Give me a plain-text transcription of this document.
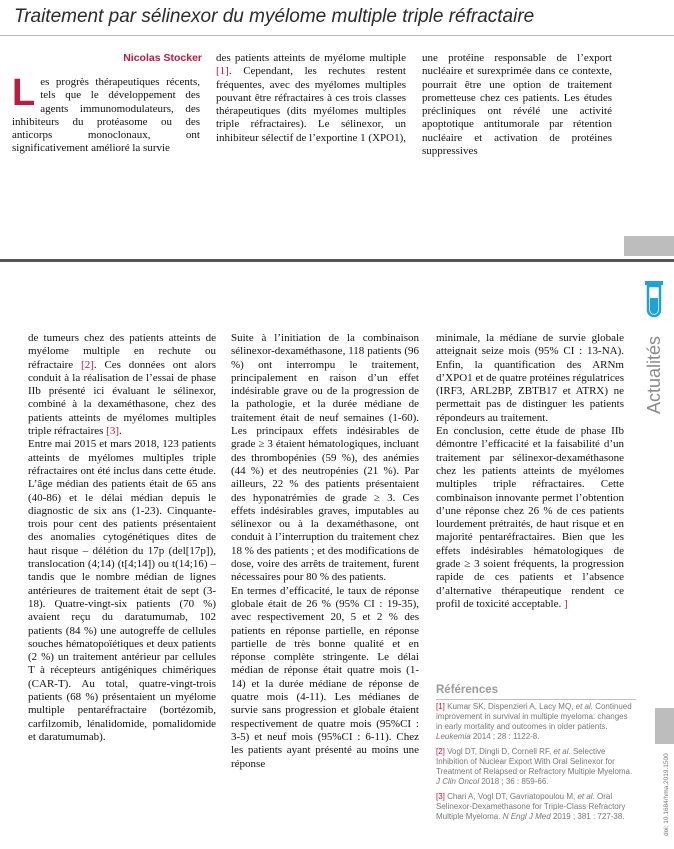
Traitement par sélinexor du myélome multiple triple réfractaire

Nicolas Stocker

Les progrès thérapeutiques récents, tels que le développement des agents immunomodulateurs, des inhibiteurs du protéasome ou des anticorps monoclonaux, ont significativement amélioré la survie

des patients atteints de myélome multiple [1]. Cependant, les rechutes restent fréquentes, avec des myélomes multiples pouvant être réfractaires à ces trois classes thérapeutiques (dits myélomes multiples triple réfractaires). Le sélinexor, un inhibiteur sélectif de l’exportine 1 (XPO1),

une protéine responsable de l’export nucléaire et surexprimée dans ce contexte, pourrait être une option de traitement prometteuse chez ces patients. Les études précliniques ont révélé une activité apoptotique antitumorale par rétention nucléaire et activation de protéines suppressives

de tumeurs chez des patients atteints de myélome multiple en rechute ou réfractaire [2]. Ces données ont alors conduit à la réalisation de l’essai de phase IIb présenté ici évaluant le sélinexor, combiné à la dexaméthasone, chez des patients atteints de myélomes multiples triple réfractaires [3].

Entre mai 2015 et mars 2018, 123 patients atteints de myélomes multiples triple réfractaires ont été inclus dans cette étude. L’âge médian des patients était de 65 ans (40-86) et le délai médian depuis le diagnostic de six ans (1-23). Cinquante-trois pour cent des patients présentaient des anomalies cytogénétiques dites de haut risque – délétion du 17p (del[17p]), translocation (4;14) (t[4;14]) ou t(14;16) – tandis que le nombre médian de lignes antérieures de traitement était de sept (3-18). Quatre-vingt-six patients (70 %) avaient reçu du daratumumab, 102 patients (84 %) une autogreffe de cellules souches hématopoïétiques et deux patients (2 %) un traitement antérieur par cellules T à récepteurs antigéniques chimériques (CAR-T). Au total, quatre-vingt-trois patients (68 %) présentaient un myélome multiple pentaréfractaire (bortézomib, carfilzomib, lénalidomide, pomalidomide et daratumumab).

Suite à l’initiation de la combinaison sélinexor-dexaméthasone, 118 patients (96 %) ont interrompu le traitement, principalement en raison d’un effet indésirable grave ou de la progression de la pathologie, et la durée médiane de traitement était de neuf semaines (1-60). Les principaux effets indésirables de grade ≥ 3 étaient hématologiques, incluant des thrombopénies (59 %), des anémies (44 %) et des neutropénies (21 %). Par ailleurs, 22 % des patients présentaient des hyponatrémies de grade ≥ 3. Ces effets indésirables graves, imputables au sélinexor ou à la dexaméthasone, ont conduit à l’interruption du traitement chez 18 % des patients ; et des modifications de dose, voire des arrêts de traitement, furent nécessaires pour 80 % des patients.

En termes d’efficacité, le taux de réponse globale était de 26 % (95% CI : 19-35), avec respectivement 20, 5 et 2 % des patients en réponse partielle, en réponse partielle de très bonne qualité et en réponse complète stringente. Le délai médian de réponse était quatre mois (1-14) et la durée médiane de réponse de quatre mois (4-11). Les médianes de survie sans progression et globale étaient respectivement de quatre mois (95%CI : 3-5) et neuf mois (95%CI : 6-11). Chez les patients ayant présenté au moins une réponse

minimale, la médiane de survie globale atteignait seize mois (95% CI : 13-NA). Enfin, la quantification des ARNm d’XPO1 et de quatre protéines régulatrices (IRF3, ARL2BP, ZBTB17 et ATRX) ne permettait pas de distinguer les patients répondeurs au traitement.

En conclusion, cette étude de phase IIb démontre l’efficacité et la faisabilité d’un traitement par sélinexor-dexaméthasone chez les patients atteints de myélomes multiples triple réfractaires. Cette combinaison innovante permet l’obtention d’une réponse chez 26 % de ces patients lourdement prétraités, de haut risque et en majorité pentaréfractaires. Bien que les effets indésirables hématologiques de grade ≥ 3 soient fréquents, la progression rapide de ces patients et l’absence d’alternative thérapeutique rendent ce profil de toxicité acceptable. ]

Références

[1] Kumar SK, Dispenzieri A, Lacy MQ, et al. Continued improvement in survival in multiple myeloma: changes in early mortality and outcomes in older patients. Leukemia 2014 ; 28 : 1122-8.

[2] Vogl DT, Dingli D, Cornell RF, et al. Selective Inhibition of Nuclear Export With Oral Selinexor for Treatment of Relapsed or Refractory Multiple Myeloma. J Clin Oncol 2018 ; 36 : 859-66.

[3] Chari A, Vogl DT, Gavriatopoulou M, et al. Oral Selinexor-Dexamethasone for Triple-Class Refractory Multiple Myeloma. N Engl J Med 2019 ; 381 : 727-38.

Actualités
doi: 10.1684/hma.2019.1500
